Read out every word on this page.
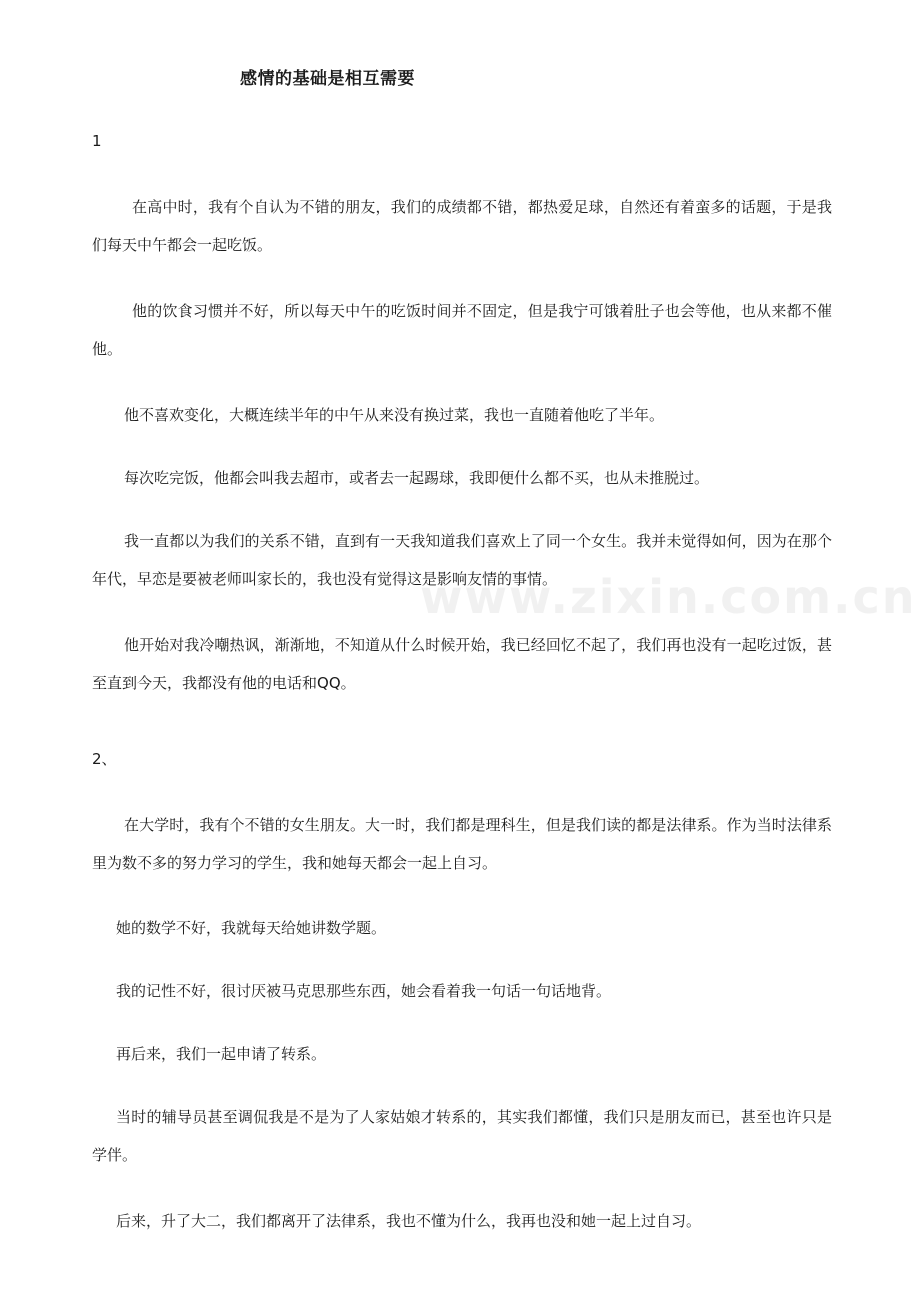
www.zixin.com.cn
感情的基础是相互需要
1

在高中时，我有个自认为不错的朋友，我们的成绩都不错，都热爱足球，自然还有着蛮多的话题，于是我们每天中午都会一起吃饭。

他的饮食习惯并不好，所以每天中午的吃饭时间并不固定，但是我宁可饿着肚子也会等他，也从来都不催他。

他不喜欢变化，大概连续半年的中午从来没有换过菜，我也一直随着他吃了半年。

每次吃完饭，他都会叫我去超市，或者去一起踢球，我即便什么都不买，也从未推脱过。

我一直都以为我们的关系不错，直到有一天我知道我们喜欢上了同一个女生。我并未觉得如何，因为在那个年代，早恋是要被老师叫家长的，我也没有觉得这是影响友情的事情。

他开始对我冷嘲热讽，渐渐地，不知道从什么时候开始，我已经回忆不起了，我们再也没有一起吃过饭，甚至直到今天，我都没有他的电话和QQ。

2、

在大学时，我有个不错的女生朋友。大一时，我们都是理科生，但是我们读的都是法律系。作为当时法律系里为数不多的努力学习的学生，我和她每天都会一起上自习。

她的数学不好，我就每天给她讲数学题。

我的记性不好，很讨厌被马克思那些东西，她会看着我一句话一句话地背。

再后来，我们一起申请了转系。

当时的辅导员甚至调侃我是不是为了人家姑娘才转系的，其实我们都懂，我们只是朋友而已，甚至也许只是学伴。

后来，升了大二，我们都离开了法律系，我也不懂为什么，我再也没和她一起上过自习。
